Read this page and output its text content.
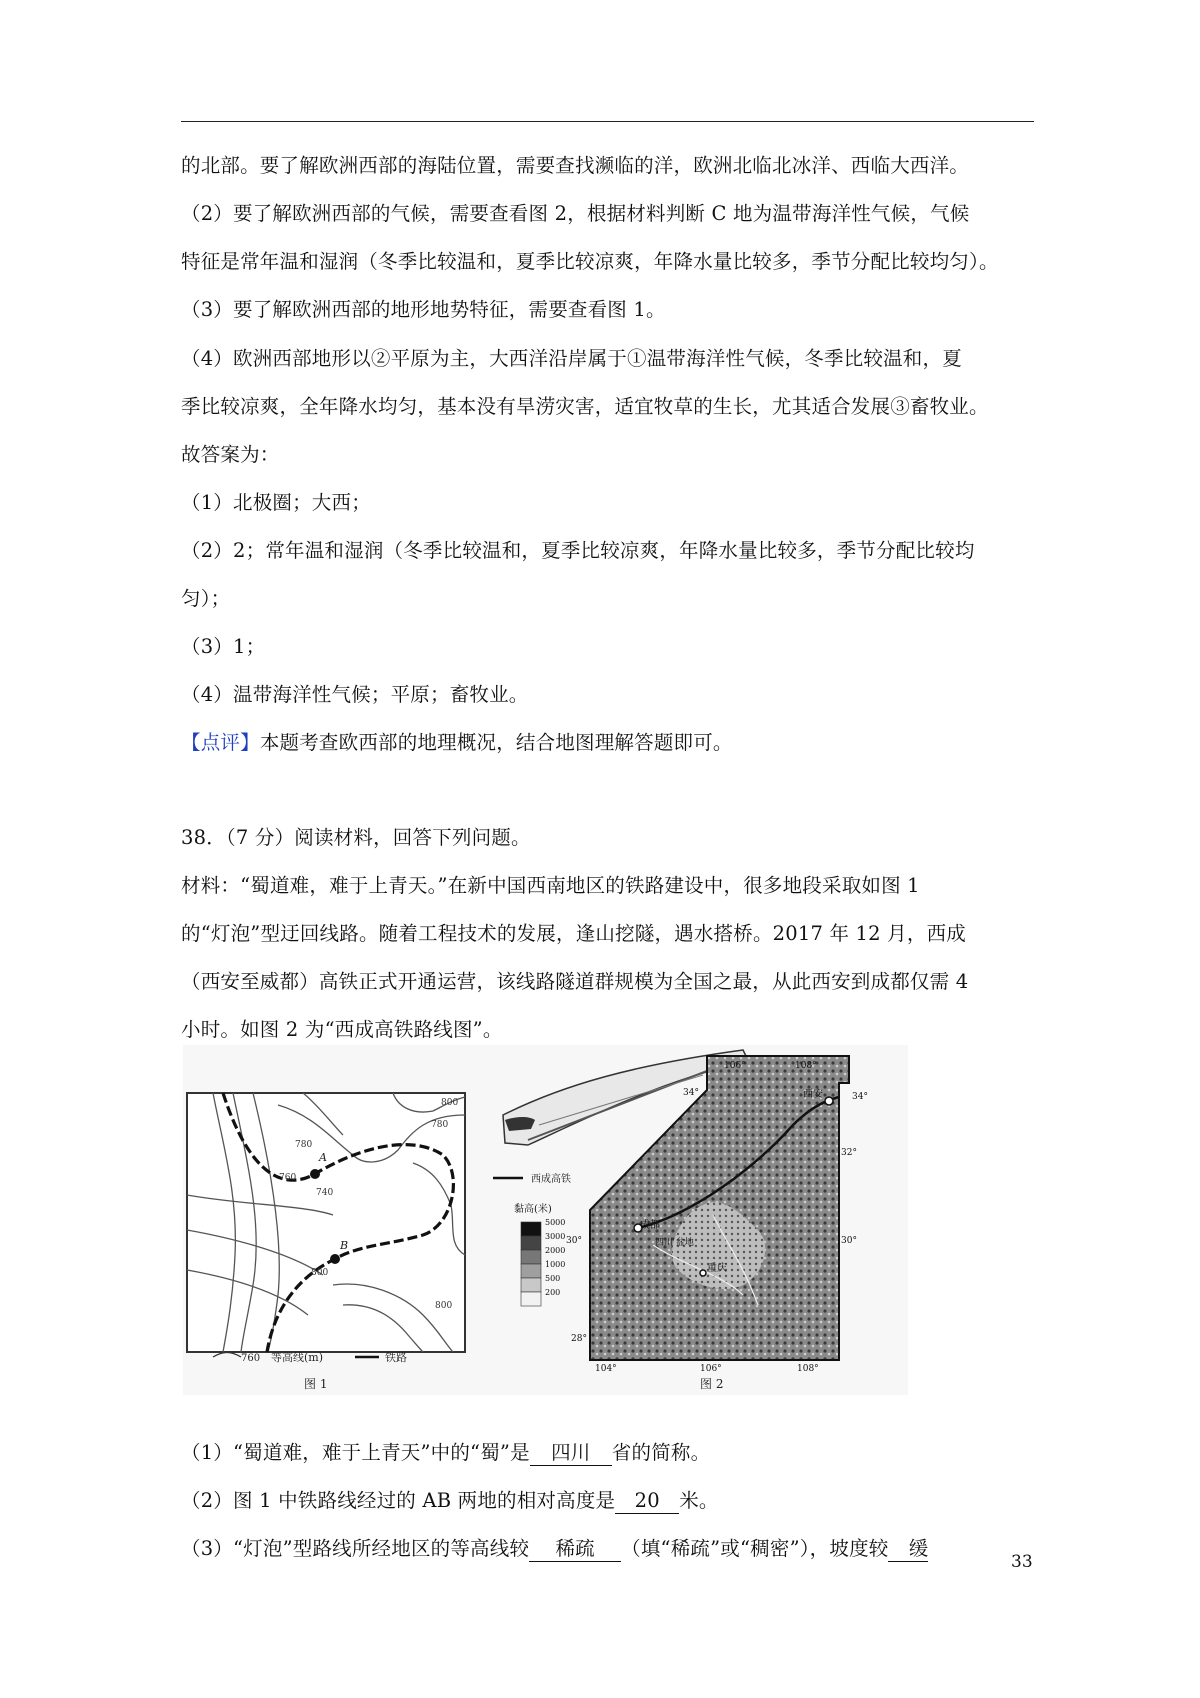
的北部。要了解欧洲西部的海陆位置，需要查找濒临的洋，欧洲北临北冰洋、西临大西洋。
（2）要了解欧洲西部的气候，需要查看图 2，根据材料判断 C 地为温带海洋性气候，气候
特征是常年温和湿润（冬季比较温和，夏季比较凉爽，年降水量比较多，季节分配比较均匀）。
（3）要了解欧洲西部的地形地势特征，需要查看图 1。
（4）欧洲西部地形以②平原为主，大西洋沿岸属于①温带海洋性气候，冬季比较温和，夏
季比较凉爽，全年降水均匀，基本没有旱涝灾害，适宜牧草的生长，尤其适合发展③畜牧业。
故答案为：
（1）北极圈；大西；
（2）2；常年温和湿润（冬季比较温和，夏季比较凉爽，年降水量比较多，季节分配比较均
匀）；
（3）1；
（4）温带海洋性气候；平原；畜牧业。
【点评】本题考查欧西部的地理概况，结合地图理解答题即可。
38．（7 分）阅读材料，回答下列问题。
材料：“蜀道难，难于上青天。”在新中国西南地区的铁路建设中，很多地段采取如图 1
的“灯泡”型迂回线路。随着工程技术的发展，逢山挖隧，遇水搭桥。2017 年 12 月，西成
（西安至威都）高铁正式开通运营，该线路隧道群规模为全国之最，从此西安到成都仅需 4
小时。如图 2 为“西成高铁路线图”。
A
B
780
780
800
760
740
800
800
760 等高线(m)	铁路
图 1
成都
四川 盆地
重庆
西安
106°	108°
34°	34°
32°
30°	30°
28°
104°	106°	108°
西成高铁
黏高(米)
5000
3000
2000
1000
500
200
图 2
（1）“蜀道难，难于上青天”中的“蜀”是 四川 省的简称。
（2）图 1 中铁路线经过的 AB 两地的相对高度是 20 米。
（3）“灯泡”型路线所经地区的等高线较 稀疏 （填“稀疏”或“稠密”），坡度较 缓
33
